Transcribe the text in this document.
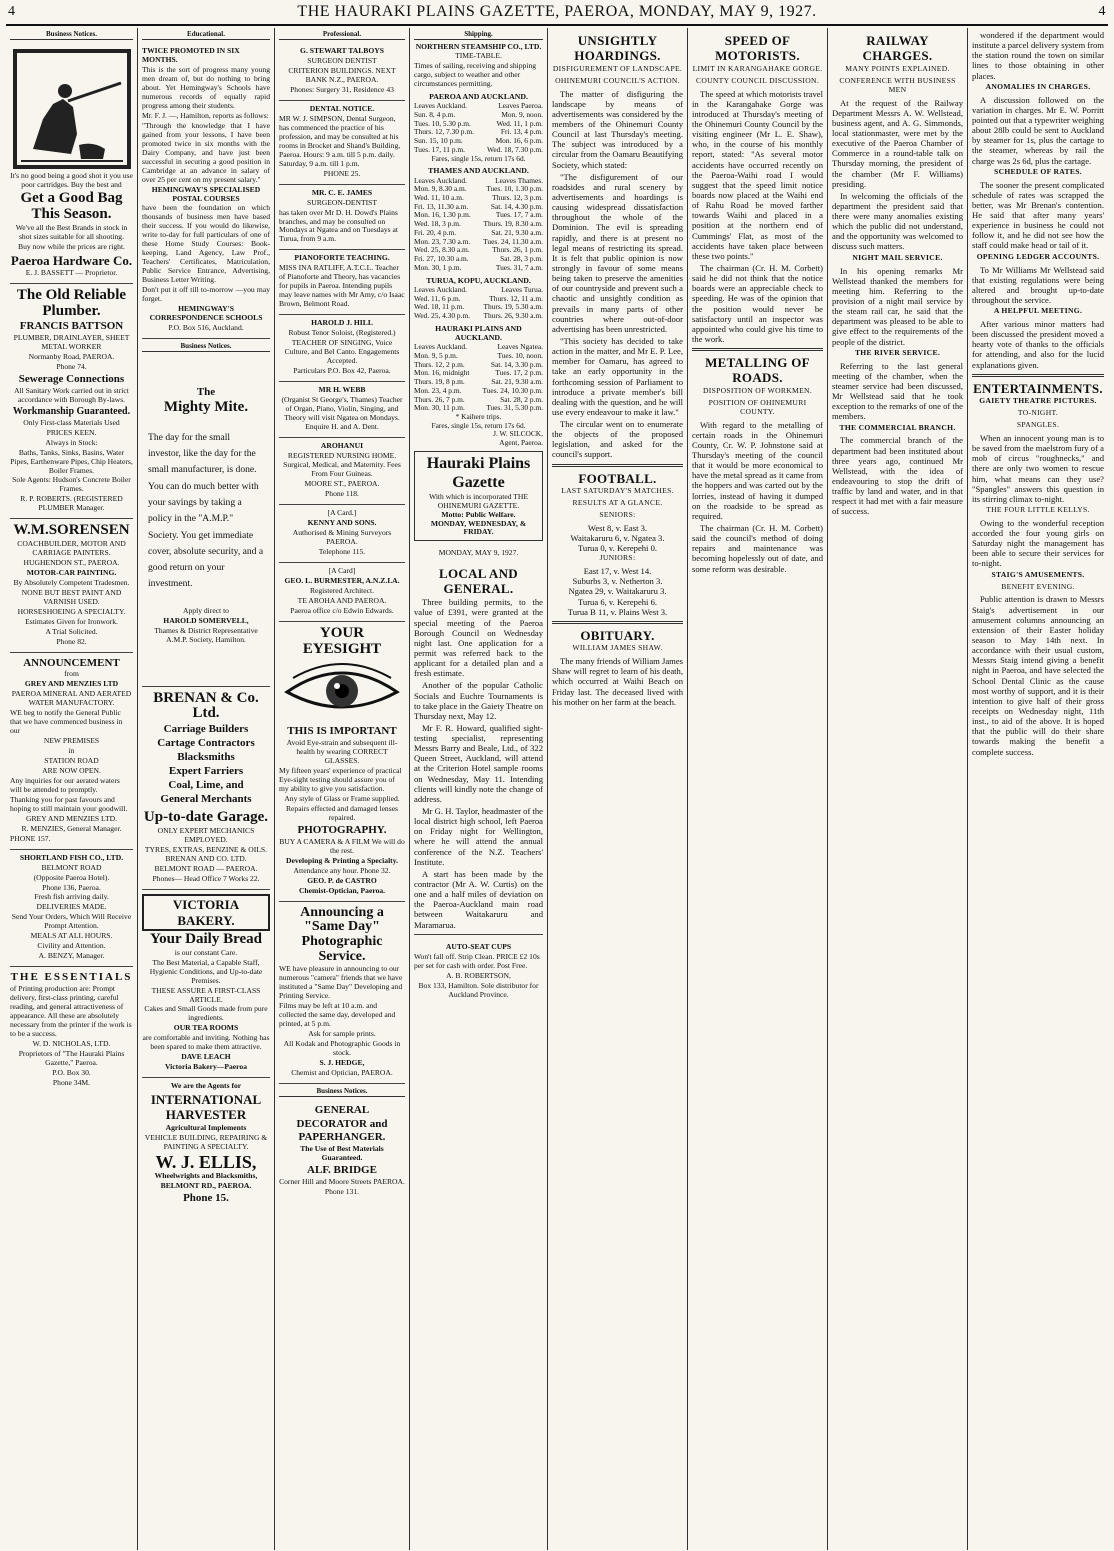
4	THE HAURAKI PLAINS GAZETTE, PAEROA, MONDAY, MAY 9, 1927.	4
Business Notices.

It's no good being a good shot it you use poor cartridges. Buy the best and

Get a Good Bag This Season.

We've all the Best Brands in stock in shot sizes suitable for all shooting.

Buy now while the prices are right.

Paeroa Hardware Co.

E. J. BASSETT — Proprietor.

The Old Reliable Plumber.

FRANCIS BATTSON

PLUMBER, DRAINLAYER, SHEET METAL WORKER

Normanby Road, PAEROA.

Phone 74.

Sewerage Connections

All Sanitary Work carried out in strict accordance with Borough By-laws.

Workmanship Guaranteed.

Only First-class Materials Used

PRICES KEEN.

Always in Stock:

Baths, Tanks, Sinks, Basins, Water Pipes, Earthenware Pipes, Chip Heaters, Boiler Frames.

Sole Agents: Hudson's Concrete Boiler Frames.

R. P. ROBERTS. (REGISTERED PLUMBER Manager.

W.M.SORENSEN

COACHBUILDER, MOTOR AND CARRIAGE PAINTERS.

HUGHENDON ST., PAEROA.

MOTOR-CAR PAINTING.

By Absolutely Competent Tradesmen.

NONE BUT BEST PAINT AND VARNISH USED.

HORSESHOEING A SPECIALTY.

Estimates Given for Ironwork.

A Trial Solicited.

Phone 82.

ANNOUNCEMENT

from

GREY AND MENZIES LTD

PAEROA MINERAL AND AERATED WATER MANUFACTORY.

WE beg to notify the General Public that we have commenced business in our

NEW PREMISES

in

STATION ROAD

ARE NOW OPEN.

Any inquiries for our aerated waters will be attended to promptly.

Thanking you for past favours and hoping to still maintain your goodwill.

GREY AND MENZIES LTD.

R. MENZIES, General Manager.

PHONE 157.

SHORTLAND FISH CO., LTD.

BELMONT ROAD

(Opposite Paeroa Hotel).

Phone 136, Paeroa.

Fresh fish arriving daily.

DELIVERIES MADE.

Send Your Orders, Which Will Receive Prompt Attention.

MEALS AT ALL HOURS.

Civility and Attention.

A. BENZY, Manager.

THE ESSENTIALS

of Printing production are: Prompt delivery, first-class printing, careful reading, and general attractiveness of appearance. All these are absolutely necessary from the printer if the work is to be a success.

W. D. NICHOLAS, LTD.

Proprietors of "The Hauraki Plains Gazette," Paeroa.

P.O. Box 30.

Phone 34M.

Educational.

TWICE PROMOTED IN SIX MONTHS.

This is the sort of progress many young men dream of, but do nothing to bring about. Yet Hemingway's Schools have numerous records of equally rapid progress among their students.

Mr. F. J. —, Hamilton, reports as follows:

"Through the knowledge that I have gained from your lessons, I have been promoted twice in six months with the Dairy Company, and have just been successful in securing a good position in Cambridge at an advance in salary of over 25 per cent on my present salary."

HEMINGWAY'S SPECIALISED POSTAL COURSES

have been the foundation on which thousands of business men have based their success. If you would do likewise, write to-day for full particulars of one of these Home Study Courses: Book-keeping, Land Agency, Law Prof., Teachers' Certificates, Matriculation, Public Service Entrance, Advertising, Business Letter Writing.

Don't put it off till to-morrow —you may forget.

HEMINGWAY'S CORRESPONDENCE SCHOOLS

P.O. Box 516, Auckland.

Business Notices.

The

Mighty Mite.

The day for the small investor, like the day for the small manufacturer, is done. You can do much better with your savings by taking a policy in the "A.M.P." Society. You get immediate cover, absolute security, and a good return on your investment.

Apply direct to

HAROLD SOMERVELL,

Thames & District Representative A.M.P. Society, Hamilton.

BRENAN & Co. Ltd.

Carriage Builders

Cartage Contractors

Blacksmiths

Expert Farriers

Coal, Lime, and

General Merchants

Up-to-date Garage.

ONLY EXPERT MECHANICS EMPLOYED.

TYRES, EXTRAS, BENZINE & OILS.

BRENAN AND CO. LTD.

BELMONT ROAD — PAEROA.

Phones— Head Office 7 Works 22.

VICTORIA BAKERY.

Your Daily Bread

is our constant Care.

The Best Material, a Capable Staff, Hygienic Conditions, and Up-to-date Premises.

THESE ASSURE A FIRST-CLASS ARTICLE.

Cakes and Small Goods made from pure ingredients.

OUR TEA ROOMS

are comfortable and inviting. Nothing has been spared to make them attractive.

DAVE LEACH

Victoria Bakery—Paeroa

We are the Agents for

INTERNATIONAL HARVESTER

Agricultural Implements

VEHICLE BUILDING, REPAIRING & PAINTING A SPECIALTY.

W. J. ELLIS,

Wheelwrights and Blacksmiths,

BELMONT RD., PAEROA.

Phone 15.

Professional.

G. STEWART TALBOYS

SURGEON DENTIST

CRITERION BUILDINGS. NEXT BANK N.Z., PAEROA.

Phones: Surgery 31, Residence 43

DENTAL NOTICE.

MR W. J. SIMPSON, Dental Surgeon, has commenced the practice of his profession, and may be consulted at his rooms in Brocket and Shand's Building, Paeroa. Hours: 9 a.m. till 5 p.m. daily. Saturday, 9 a.m. till 1 p.m.

PHONE 25.

MR. C. E. JAMES

SURGEON-DENTIST

has taken over Mr D. H. Dowd's Plains branches, and may be consulted on Mondays at Ngatea and on Tuesdays at Turua, from 9 a.m.

PIANOFORTE TEACHING.

MISS INA RATLIFF, A.T.C.L. Teacher of Pianoforte and Theory, has vacancies for pupils in Paeroa. Intending pupils may leave names with Mr Amy, c/o Isaac Brown, Belmont Road.

HAROLD J. HILL

Robust Tenor Soloist, (Registered.)

TEACHER OF SINGING, Voice Culture, and Bel Canto. Engagements Accepted.

Particulars P.O. Box 42, Paeroa.

MR H. WEBB

(Organist St George's, Thames) Teacher of Organ, Piano, Violin, Singing, and Theory will visit Ngatea on Mondays. Enquire H. and A. Dent.

AROHANUI

REGISTERED NURSING HOME.

Surgical, Medical, and Maternity. Fees From Four Guineas.

MOORE ST., PAEROA.

Phone 118.

[A Card.]

KENNY AND SONS.

Authorised & Mining Surveyors PAEROA.

Telephone 115.

[A Card]

GEO. L. BURMESTER, A.N.Z.I.A.

Registered Architect.

TE AROHA AND PAEROA.

Paeroa office c/o Edwin Edwards.

YOUR EYESIGHT

THIS IS IMPORTANT

Avoid Eye-strain and subsequent ill-health by wearing CORRECT GLASSES.

My fifteen years' experience of practical Eye-sight testing should assure you of my ability to give you satisfaction.

Any style of Glass or Frame supplied.

Repairs effected and damaged lenses repaired.

PHOTOGRAPHY.

BUY A CAMERA & A FILM We will do the rest.

Developing & Printing a Specialty.

Attendance any hour. Phone 32.

GEO. P. de CASTRO

Chemist-Optician, Paeroa.

Announcing a "Same Day" Photographic Service.

WE have pleasure in announcing to our numerous "camera" friends that we have instituted a "Same Day" Developing and Printing Service.

Films may be left at 10 a.m. and collected the same day, developed and printed, at 5 p.m.

Ask for sample prints.

All Kodak and Photographic Goods in stock.

S. J. HEDGE,

Chemist and Optician, PAEROA.

Business Notices.

GENERAL

DECORATOR and PAPERHANGER.

The Use of Best Materials Guaranteed.

ALF. BRIDGE

Corner Hill and Moore Streets PAEROA.

Phone 131.

Shipping.

NORTHERN STEAMSHIP CO., LTD.

TIME-TABLE.

Times of sailing, receiving and shipping cargo, subject to weather and other circumstances permitting.

PAEROA AND AUCKLAND.
Leaves Auckland.	Leaves Paeroa.
Sun. 8, 4 p.m.	Mon. 9, noon.
Tues. 10, 5.30 p.m.	Wed. 11, 1 p.m.
Thurs. 12, 7.30 p.m.	Fri. 13, 4 p.m.
Sun. 15, 10 p.m.	Mon. 16, 6 p.m.
Tues. 17, 11 p.m.	Wed. 18, 7.30 p.m.
Fares, single 15s, return 17s 6d.
THAMES AND AUCKLAND.
Leaves Auckland.	Leaves Thames.
Mon. 9, 8.30 a.m.	Tues. 10, 1.30 p.m.
Wed. 11, 10 a.m.	Thurs. 12, 3 p.m.
Fri. 13, 11.30 a.m.	Sat. 14, 4.30 p.m.
Mon. 16, 1.30 p.m.	Tues. 17, 7 a.m.
Wed. 18, 3 p.m.	Thurs. 19, 8.30 a.m.
Fri. 20, 4 p.m.	Sat. 21, 9.30 a.m.
Mon. 23, 7.30 a.m. Tues. 24, 11.30 a.m.
Wed. 25, 8.30 a.m.	Thurs. 26, 1 p.m.
Fri. 27, 10.30 a.m.	Sat. 28, 3 p.m.
Mon. 30, 1 p.m.	Tues. 31, 7 a.m.
TURUA, KOPU, AUCKLAND.
Leaves Auckland.	Leaves Turua.
Wed. 11, 6 p.m.	Thurs. 12, 11 a.m.
Wed. 18, 11 p.m.	Thurs. 19, 5.30 a.m.
Wed. 25, 4.30 p.m. Thurs. 26, 9.30 a.m.
HAURAKI PLAINS AND AUCKLAND.
Leaves Auckland.	Leaves Ngatea.
Mon. 9, 5 p.m.	Tues. 10, noon.
Thurs. 12, 2 p.m.	Sat. 14, 3.30 p.m.
Mon. 16, midnight	Tues. 17, 2 p.m.
Thurs. 19, 8 p.m.	Sat. 21, 9.30 a.m.
Mon. 23, 4 p.m.	Tues. 24, 10.30 p.m.
Thurs. 26, 7 p.m.	Sat. 28, 2 p.m.
Mon. 30, 11 p.m.	Tues. 31, 5.30 p.m.
* Kaihere trips.
Fares, single 15s, return 17s 6d.
J. W. SILCOCK,
Agent, Paeroa.
Hauraki Plains Gazette
With which is incorporated THE OHINEMURI GAZETTE.
Motto: Public Welfare.
MONDAY, WEDNESDAY, & FRIDAY.

MONDAY, MAY 9, 1927.

LOCAL AND GENERAL.

Three building permits, to the value of £391, were granted at the special meeting of the Paeroa Borough Council on Wednesday night last. One application for a permit was referred back to the applicant for a detailed plan and a fresh estimate.

Another of the popular Catholic Socials and Euchre Tournaments is to take place in the Gaiety Theatre on Thursday next, May 12.

Mr F. R. Howard, qualified sight-testing specialist, representing Messrs Barry and Beale, Ltd., of 322 Queen Street, Auckland, will attend at the Criterion Hotel sample rooms on Wednesday, May 11. Intending clients will kindly note the change of address.

Mr G. H. Taylor, headmaster of the local district high school, left Paeroa on Friday night for Wellington, where he will attend the annual conference of the N.Z. Teachers' Institute.

A start has been made by the contractor (Mr A. W. Curtis) on the one and a half miles of deviation on the Paeroa-Auckland main road between Waitakaruru and Maramarua.

AUTO-SEAT CUPS

Won't fall off. Strip Clean. PRICE £2 10s per set for cash with order. Post Free.

A. B. ROBERTSON,

Box 133, Hamilton. Sole distributor for Auckland Province.

UNSIGHTLY HOARDINGS.
DISFIGUREMENT OF LANDSCAPE.
OHINEMURI COUNCIL'S ACTION.

The matter of disfiguring the landscape by means of advertisements was considered by the members of the Ohinemuri County Council at last Thursday's meeting. The subject was introduced by a circular from the Oamaru Beautifying Society, which stated:

"The disfigurement of our roadsides and rural scenery by advertisements and hoardings is causing widespread dissatisfaction throughout the whole of the Dominion. The evil is spreading rapidly, and there is at present no legal means of restricting its spread. It is felt that public opinion is now strongly in favour of some means being taken to preserve the amenities of our countryside and prevent such a chaotic and unsightly condition as prevails in many parts of other countries where out-of-door advertising has been unrestricted.

"This society has decided to take action in the matter, and Mr E. P. Lee, member for Oamaru, has agreed to take an early opportunity in the forthcoming session of Parliament to introduce a private member's bill dealing with the question, and he will use every endeavour to make it law."

The circular went on to enumerate the objects of the proposed legislation, and asked for the council's support.

FOOTBALL.
LAST SATURDAY'S MATCHES.
RESULTS AT A GLANCE.
SENIORS:
West 8, v. East 3.
Waitakaruru 6, v. Ngatea 3.
Turua 0, v. Kerepehi 0.
JUNIORS:
East 17, v. West 14.
Suburbs 3, v. Netherton 3.
Ngatea 29, v. Waitakaruru 3.
Turua 6, v. Kerepehi 6.
Turua B 11, v. Plains West 3.
OBITUARY.
WILLIAM JAMES SHAW.

The many friends of William James Shaw will regret to learn of his death, which occurred at Waihi Beach on Friday last. The deceased lived with his mother on her farm at the beach.

SPEED OF MOTORISTS.
LIMIT IN KARANGAHAKE GORGE.
COUNTY COUNCIL DISCUSSION.

The speed at which motorists travel in the Karangahake Gorge was introduced at Thursday's meeting of the Ohinemuri County Council by the visiting engineer (Mr L. E. Shaw), who, in the course of his monthly report, stated: "As several motor accidents have occurred recently on the Paeroa-Waihi road I would suggest that the speed limit notice boards now placed at the Waihi end of Rahu Road be moved farther towards Waihi and placed in a position at the northern end of Cummings' Flat, as most of the accidents have taken place between these two points."

The chairman (Cr. H. M. Corbett) said he did not think that the notice boards were an appreciable check to speeding. He was of the opinion that the position would never be satisfactory until an inspector was appointed who could give his time to the work.

METALLING OF ROADS.
DISPOSITION OF WORKMEN.
POSITION OF OHINEMURI COUNTY.

With regard to the metalling of certain roads in the Ohinemuri County, Cr. W. P. Johnstone said at Thursday's meeting of the council that it would be more economical to have the metal spread as it came from the hoppers and was carted out by the lorries, instead of having it dumped on the roadside to be spread as required.

The chairman (Cr. H. M. Corbett) said the council's method of doing repairs and maintenance was becoming hopelessly out of date, and some reform was desirable.

RAILWAY CHARGES.
MANY POINTS EXPLAINED.
CONFERENCE WITH BUSINESS MEN

At the request of the Railway Department Messrs A. W. Wellstead, business agent, and A. G. Simmonds, local stationmaster, were met by the executive of the Paeroa Chamber of Commerce in a round-table talk on Thursday morning, the president of the chamber (Mr F. Williams) presiding.

In welcoming the officials of the department the president said that there were many anomalies existing which the public did not understand, and the opportunity was welcomed to discuss such matters.

NIGHT MAIL SERVICE.

In his opening remarks Mr Wellstead thanked the members for meeting him. Referring to the provision of a night mail service by the steam rail car, he said that the department was pleased to be able to give effect to the requirements of the people of the district.

THE RIVER SERVICE.

Referring to the last general meeting of the chamber, when the steamer service had been discussed, Mr Wellstead said that he took exception to the remarks of one of the members.

THE COMMERCIAL BRANCH.

The commercial branch of the department had been instituted about three years ago, continued Mr Wellstead, with the idea of endeavouring to stop the drift of traffic by land and water, and in that respect it had met with a fair measure of success.

wondered if the department would institute a parcel delivery system from the station round the town on similar lines to those obtaining in other places.

ANOMALIES IN CHARGES.

A discussion followed on the variation in charges. Mr E. W. Porritt pointed out that a typewriter weighing about 28lb could be sent to Auckland by steamer for 1s, plus the cartage to the steamer, whereas by rail the charge was 2s 6d, plus the cartage.

SCHEDULE OF RATES.

The sooner the present complicated schedule of rates was scrapped the better, was Mr Brenan's contention. He said that after many years' experience in business he could not follow it, and he did not see how the staff could make head or tail of it.

OPENING LEDGER ACCOUNTS.

To Mr Williams Mr Wellstead said that existing regulations were being altered and brought up-to-date throughout the service.

A HELPFUL MEETING.

After various minor matters had been discussed the president moved a hearty vote of thanks to the officials for attending, and also for the lucid explanations given.

ENTERTAINMENTS.
GAIETY THEATRE PICTURES.
TO-NIGHT.
SPANGLES.

When an innocent young man is to be saved from the maelstrom fury of a mob of circus "roughnecks," and there are only two women to rescue him, what means can they use? "Spangles" answers this question in its stirring climax to-night.

THE FOUR LITTLE KELLYS.

Owing to the wonderful reception accorded the four young girls on Saturday night the management has been able to secure their services for to-night.

STAIG'S AMUSEMENTS.
BENEFIT EVENING.

Public attention is drawn to Messrs Staig's advertisement in our amusement columns announcing an extension of their Easter holiday season to May 14th next. In accordance with their usual custom, Messrs Staig intend giving a benefit night in Paeroa, and have selected the School Dental Clinic as the cause most worthy of support, and it is their intention to give half of their gross receipts on Wednesday night, 11th inst., to aid of the above. It is hoped that the public will do their share towards making the benefit a complete success.
